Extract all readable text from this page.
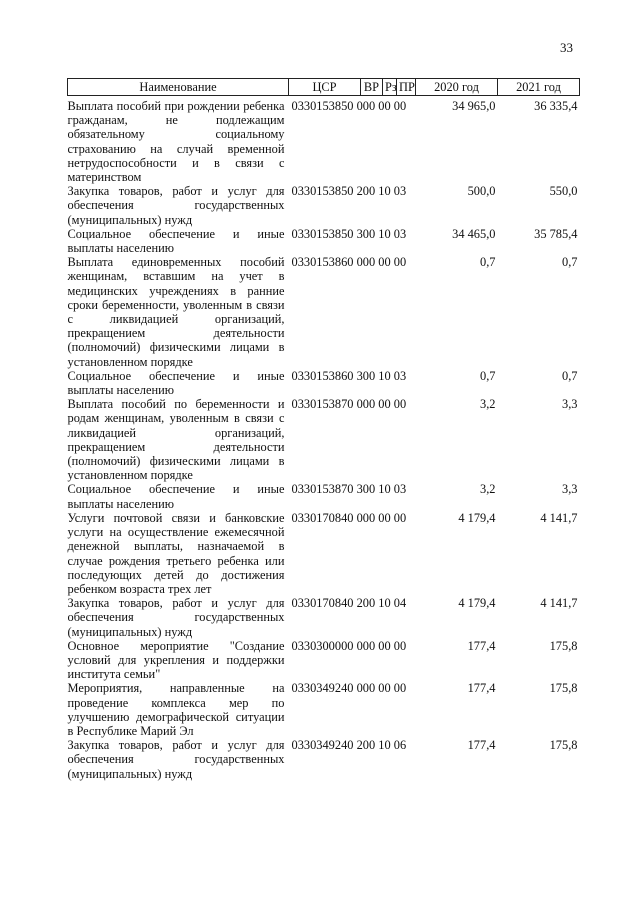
33
Наименование	ЦСР	ВР	Рз	ПР	2020 год	2021 год
Выплата пособий при рождении ребенка гражданам, не подлежащим обязательному социальному страхованию на случай временной нетрудоспособности и в связи с материнством	0330153850 000 00 00				34 965,0	36 335,4
Закупка товаров, работ и услуг для обеспечения государственных (муниципальных) нужд	0330153850 200 10 03				500,0	550,0
Социальное обеспечение и иные выплаты населению	0330153850 300 10 03				34 465,0	35 785,4
Выплата единовременных пособий женщинам, вставшим на учет в медицинских учреждениях в ранние сроки беременности, уволенным в связи с ликвидацией организаций, прекращением деятельности (полномочий) физическими лицами в установленном порядке	0330153860 000 00 00				0,7	0,7
Социальное обеспечение и иные выплаты населению	0330153860 300 10 03				0,7	0,7
Выплата пособий по беременности и родам женщинам, уволенным в связи с ликвидацией организаций, прекращением деятельности (полномочий) физическими лицами в установленном порядке	0330153870 000 00 00				3,2	3,3
Социальное обеспечение и иные выплаты населению	0330153870 300 10 03				3,2	3,3
Услуги почтовой связи и банковские услуги на осуществление ежемесячной денежной выплаты, назначаемой в случае рождения третьего ребенка или последующих детей до достижения ребенком возраста трех лет	0330170840 000 00 00				4 179,4	4 141,7
Закупка товаров, работ и услуг для обеспечения государственных (муниципальных) нужд	0330170840 200 10 04				4 179,4	4 141,7
Основное мероприятие "Создание условий для укрепления и поддержки института семьи"	0330300000 000 00 00				177,4	175,8
Мероприятия, направленные на проведение комплекса мер по улучшению демографической ситуации в Республике Марий Эл	0330349240 000 00 00				177,4	175,8
Закупка товаров, работ и услуг для обеспечения государственных (муниципальных) нужд	0330349240 200 10 06				177,4	175,8
